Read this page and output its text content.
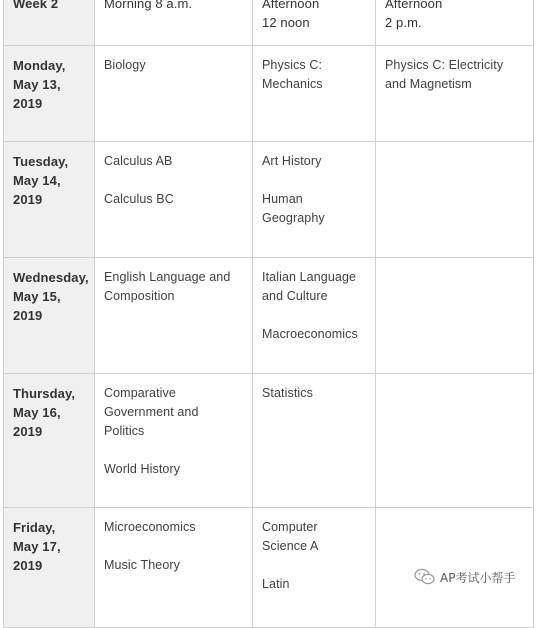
Week 2	Morning 8 a.m.	Afternoon
12 noon	Afternoon
2 p.m.

Monday,
May 13,
2019	Biology	Physics C:
Mechanics	Physics C: Electricity
and Magnetism

Tuesday,
May 14,
2019	Calculus AB
Calculus BC	Art History
Human
Geography	

Wednesday,
May 15,
2019	English Language and
Composition	Italian Language
and Culture
Macroeconomics	

Thursday,
May 16,
2019	Comparative
Government and
Politics
World History	Statistics	

Friday,
May 17,
2019	Microeconomics
Music Theory	Computer
Science A
Latin	
		AP考试小帮手
